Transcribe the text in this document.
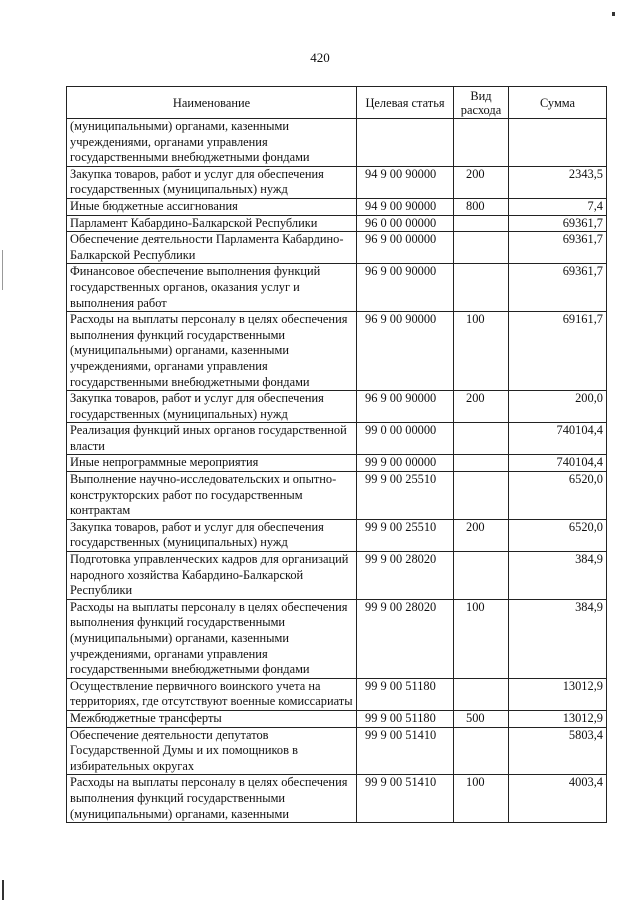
420
Наименование	Целевая статья	Вид расхода	Сумма
(муниципальными) органами, казенными учреждениями, органами управления государственными внебюджетными фондами			
Закупка товаров, работ и услуг для обеспечения государственных (муниципальных) нужд	94 9 00 90000	200	2343,5
Иные бюджетные ассигнования	94 9 00 90000	800	7,4
Парламент Кабардино-Балкарской Республики	96 0 00 00000		69361,7
Обеспечение деятельности Парламента Кабардино-Балкарской Республики	96 9 00 00000		69361,7
Финансовое обеспечение выполнения функций государственных органов, оказания услуг и выполнения работ	96 9 00 90000		69361,7
Расходы на выплаты персоналу в целях обеспечения выполнения функций государственными (муниципальными) органами, казенными учреждениями, органами управления государственными внебюджетными фондами	96 9 00 90000	100	69161,7
Закупка товаров, работ и услуг для обеспечения государственных (муниципальных) нужд	96 9 00 90000	200	200,0
Реализация функций иных органов государственной власти	99 0 00 00000		740104,4
Иные непрограммные мероприятия	99 9 00 00000		740104,4
Выполнение научно-исследовательских и опытно-конструкторских работ по государственным контрактам	99 9 00 25510		6520,0
Закупка товаров, работ и услуг для обеспечения государственных (муниципальных) нужд	99 9 00 25510	200	6520,0
Подготовка управленческих кадров для организаций народного хозяйства Кабардино-Балкарской Республики	99 9 00 28020		384,9
Расходы на выплаты персоналу в целях обеспечения выполнения функций государственными (муниципальными) органами, казенными учреждениями, органами управления государственными внебюджетными фондами	99 9 00 28020	100	384,9
Осуществление первичного воинского учета на территориях, где отсутствуют военные комиссариаты	99 9 00 51180		13012,9
Межбюджетные трансферты	99 9 00 51180	500	13012,9
Обеспечение деятельности депутатов Государственной Думы и их помощников в избирательных округах	99 9 00 51410		5803,4
Расходы на выплаты персоналу в целях обеспечения выполнения функций государственными (муниципальными) органами, казенными	99 9 00 51410	100	4003,4
